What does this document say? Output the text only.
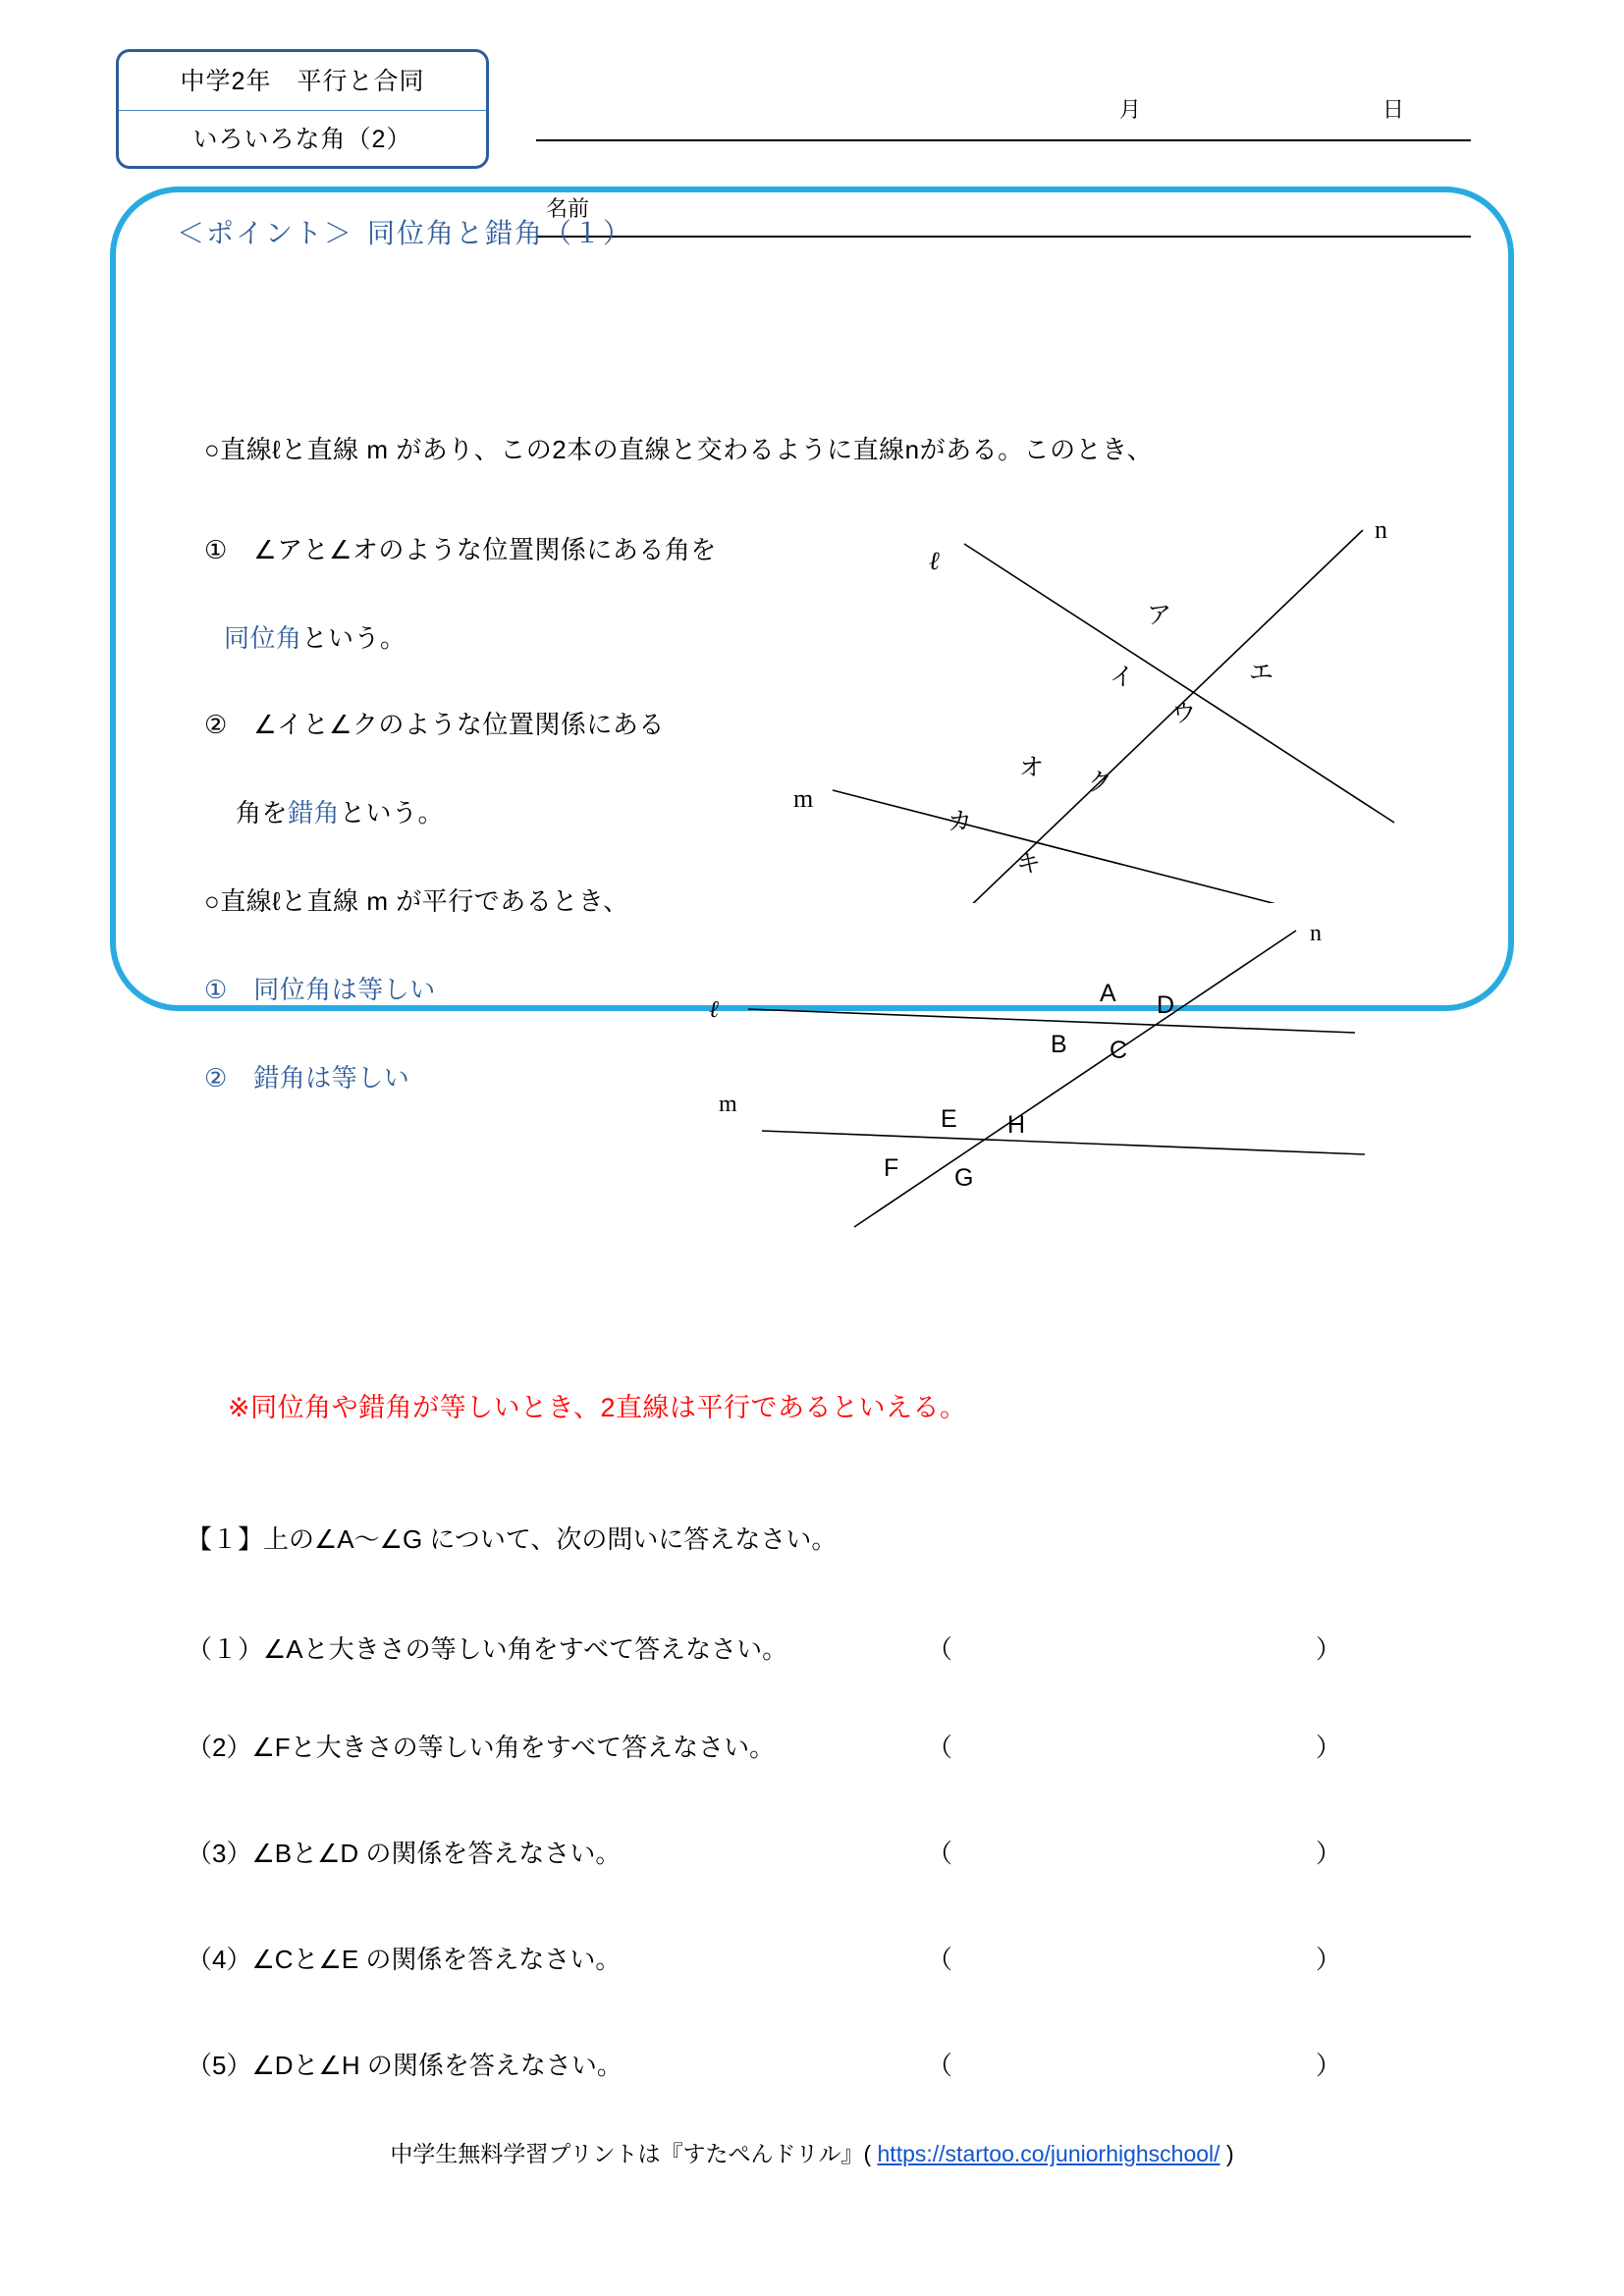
中学2年　平行と合同
いろいろな角（2）
月	日
名前
＜ポイント＞ 同位角と錯角（１）
○直線ℓと直線 m があり、この2本の直線と交わるように直線nがある。このとき、
①　∠アと∠オのような位置関係にある角を
同位角という。
②　∠イと∠クのような位置関係にある
角を錯角という。
○直線ℓと直線 m が平行であるとき、
①　同位角は等しい
②　錯角は等しい
※同位角や錯角が等しいとき、2直線は平行であるといえる。
ℓ
m
n
ア
イ
ウ
エ
オ
カ
キ
ク
ℓ
m
n
A
B C
D
E
F G
H
【１】上の∠A～∠G について、次の問いに答えなさい。
（１）∠Aと大きさの等しい角をすべて答えなさい。	（	）
（2）∠Fと大きさの等しい角をすべて答えなさい。	（	）
（3）∠Bと∠D の関係を答えなさい。	（	）
（4）∠Cと∠E の関係を答えなさい。	（	）
（5）∠Dと∠H の関係を答えなさい。	（	）
中学生無料学習プリントは『すたぺんドリル』( https://startoo.co/juniorhighschool/ )
